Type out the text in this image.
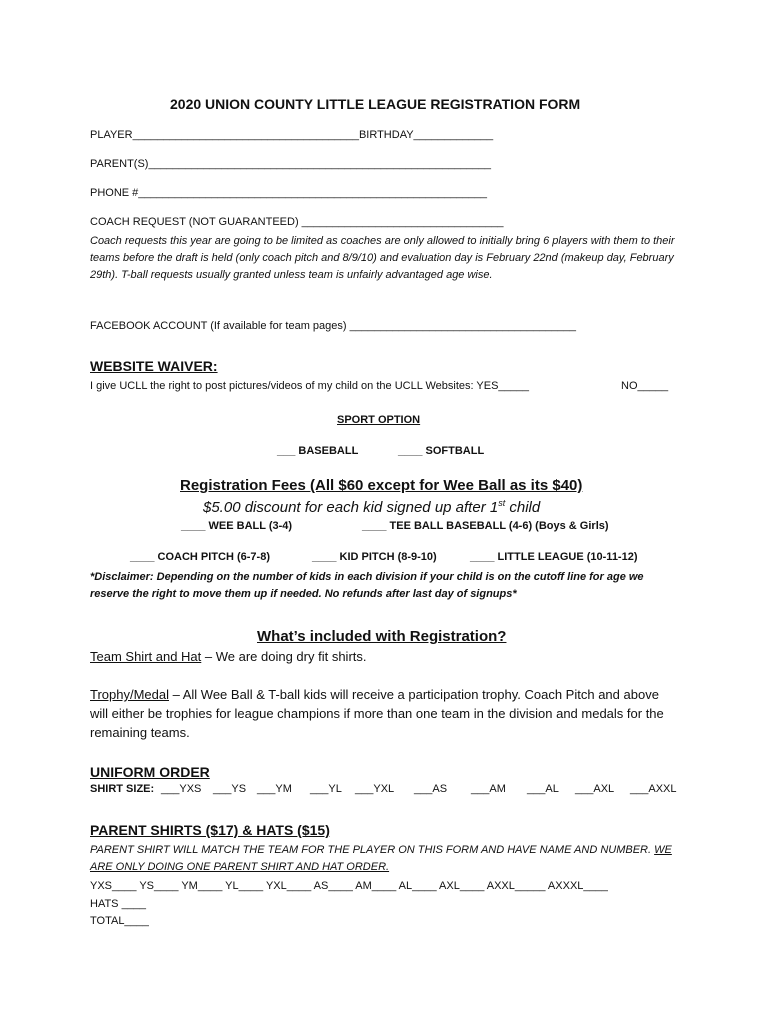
2020 UNION COUNTY LITTLE LEAGUE REGISTRATION FORM
PLAYER_____________________________________BIRTHDAY_____________
PARENT(S)________________________________________________________
PHONE #_________________________________________________________
COACH REQUEST (NOT GUARANTEED) _________________________________
Coach requests this year are going to be limited as coaches are only allowed to initially bring 6 players with them to their teams before the draft is held (only coach pitch and 8/9/10) and evaluation day is February 22nd (makeup day, February 29th). T-ball requests usually granted unless team is unfairly advantaged age wise.
FACEBOOK ACCOUNT (If available for team pages) _____________________________________
WEBSITE WAIVER:
I give UCLL the right to post pictures/videos of my child on the UCLL Websites: YES_____	NO_____
SPORT OPTION
___ BASEBALL	____ SOFTBALL
Registration Fees (All $60 except for Wee Ball as its $40)
$5.00 discount for each kid signed up after 1st child
____ WEE BALL (3-4)	____ TEE BALL BASEBALL (4-6) (Boys & Girls)
____ COACH PITCH (6-7-8)	____ KID PITCH (8-9-10)	____ LITTLE LEAGUE (10-11-12)
*Disclaimer: Depending on the number of kids in each division if your child is on the cutoff line for age we reserve the right to move them up if needed. No refunds after last day of signups*
What’s included with Registration?
Team Shirt and Hat – We are doing dry fit shirts.
Trophy/Medal – All Wee Ball & T-ball kids will receive a participation trophy. Coach Pitch and above will either be trophies for league champions if more than one team in the division and medals for the remaining teams.
UNIFORM ORDER
SHIRT SIZE: ___YXS ___YS ___YM ___YL ___YXL ___AS ___AM ___AL ___AXL ___AXXL
PARENT SHIRTS ($17) & HATS ($15)
PARENT SHIRT WILL MATCH THE TEAM FOR THE PLAYER ON THIS FORM AND HAVE NAME AND NUMBER. WE ARE ONLY DOING ONE PARENT SHIRT AND HAT ORDER.
YXS____ YS____ YM____ YL____ YXL____ AS____ AM____ AL____ AXL____ AXXL_____ AXXXL____
HATS ____
TOTAL____
